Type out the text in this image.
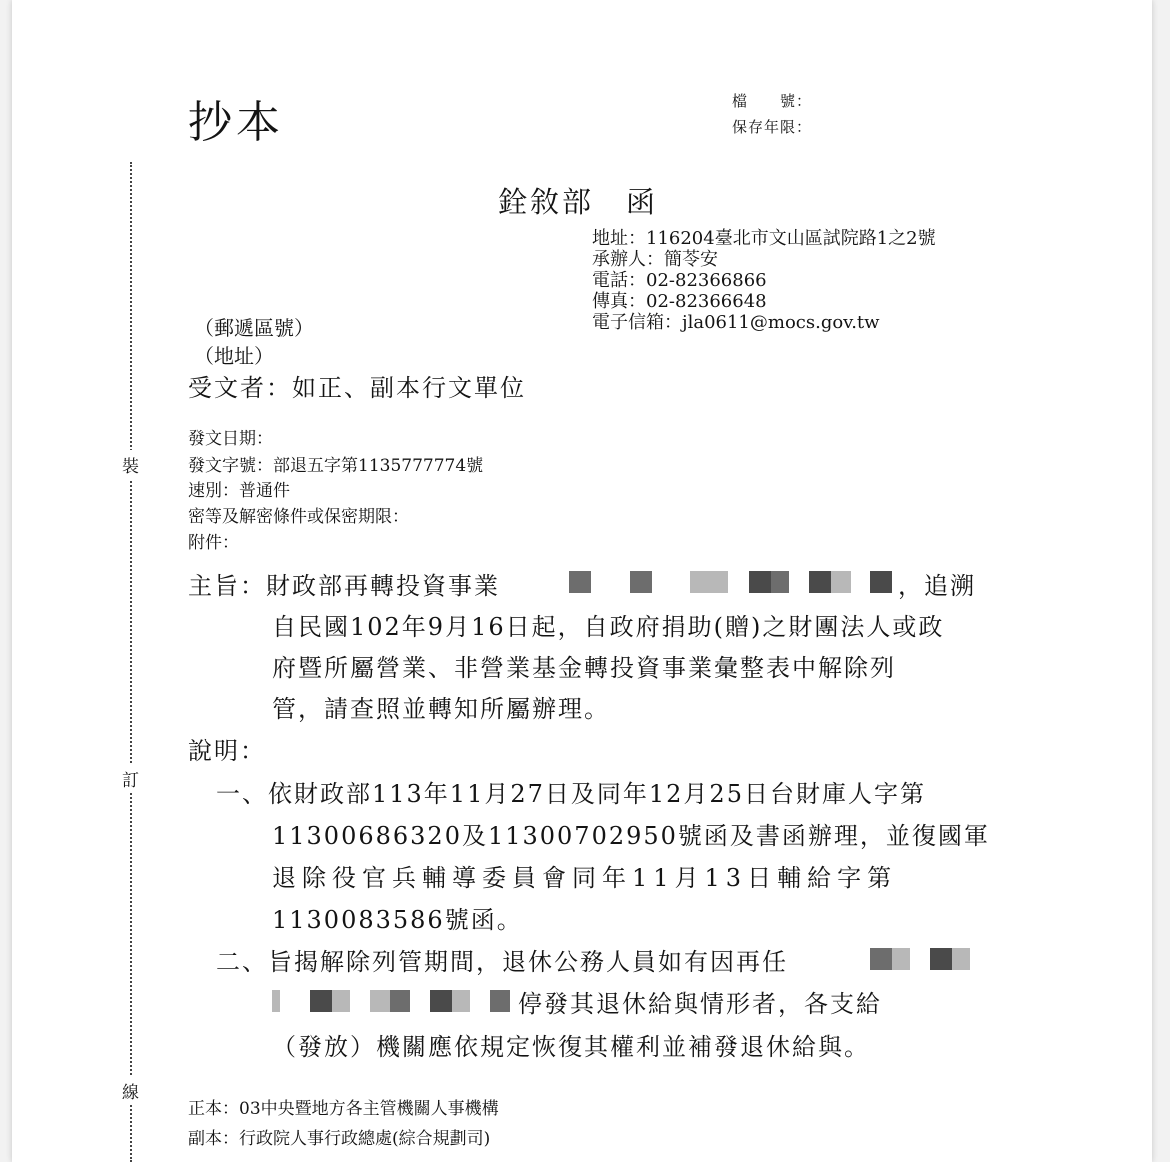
抄本	檔　　號：
保存年限：
裝
訂
線
銓敘部　函
地址：116204臺北市文山區試院路1之2號
承辦人：簡苓安
電話：02-82366866
傳真：02-82366648
電子信箱：jla0611@mocs.gov.tw
（郵遞區號）
（地址）
受文者：如正、副本行文單位
發文日期：
發文字號：部退五字第1135777774號
速別：普通件
密等及解密條件或保密期限：
附件：
主旨：財政部再轉投資事業	，追溯
自民國102年9月16日起，自政府捐助(贈)之財團法人或政
府暨所屬營業、非營業基金轉投資事業彙整表中解除列
管，請查照並轉知所屬辦理。
說明：
一、依財政部113年11月27日及同年12月25日台財庫人字第
11300686320及11300702950號函及書函辦理，並復國軍
退除役官兵輔導委員會同年11月13日輔給字第
1130083586號函。
二、旨揭解除列管期間，退休公務人員如有因再任
停發其退休給與情形者，各支給
（發放）機關應依規定恢復其權利並補發退休給與。
正本：03中央暨地方各主管機關人事機構
副本：行政院人事行政總處(綜合規劃司)
